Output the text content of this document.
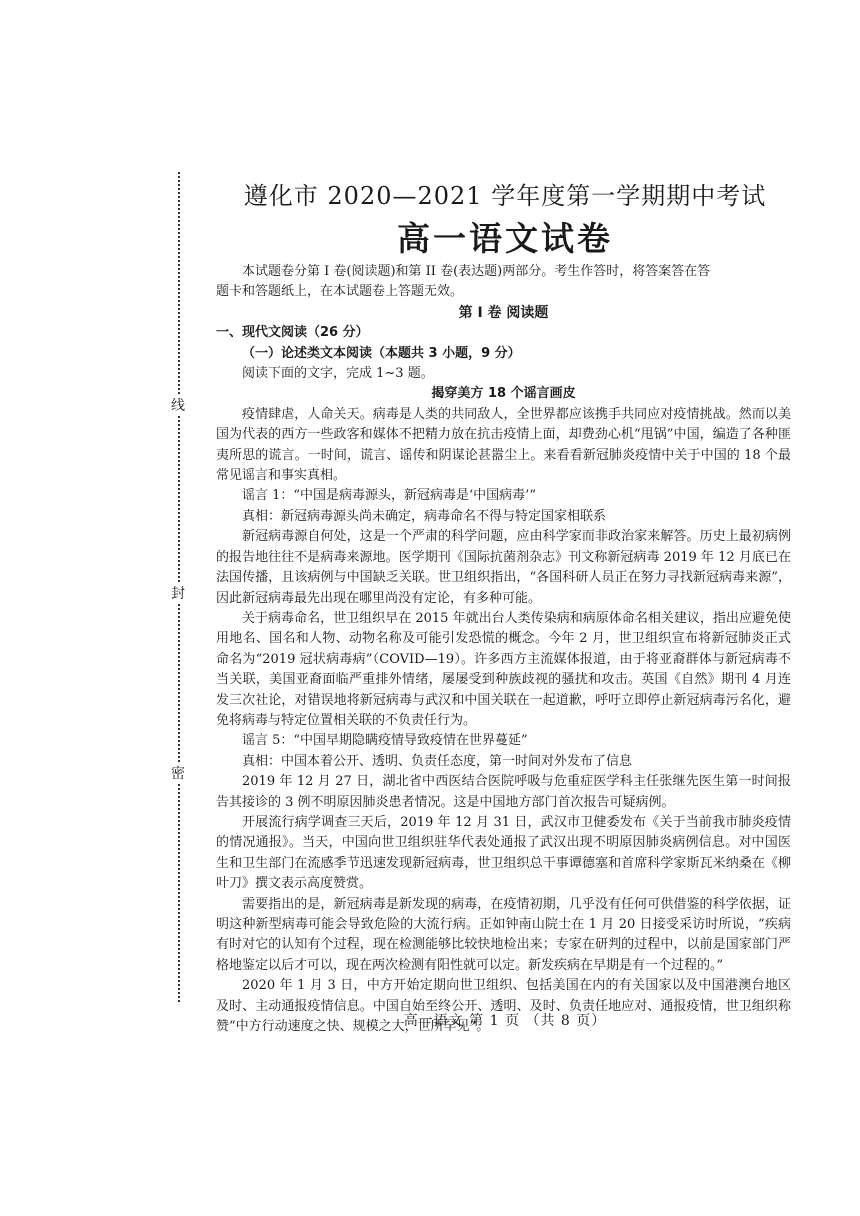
线
封
密
遵化市 2020—2021 学年度第一学期期中考试
高一语文试卷

本试题卷分第 I 卷(阅读题)和第 II 卷(表达题)两部分。考生作答时，将答案答在答

题卡和答题纸上，在本试题卷上答题无效。

第 I 卷 阅读题

一、现代文阅读（26 分）

（一）论述类文本阅读（本题共 3 小题，9 分）

阅读下面的文字，完成 1~3 题。

揭穿美方 18 个谣言画皮

疫情肆虐，人命关天。病毒是人类的共同敌人，全世界都应该携手共同应对疫情挑战。然而以美国为代表的西方一些政客和媒体不把精力放在抗击疫情上面，却费劲心机“甩锅”中国，编造了各种匪夷所思的谎言。一时间，谎言、谣传和阴谋论甚嚣尘上。来看看新冠肺炎疫情中关于中国的 18 个最常见谣言和事实真相。

谣言 1：“中国是病毒源头，新冠病毒是‘中国病毒’”

真相：新冠病毒源头尚未确定，病毒命名不得与特定国家相联系

新冠病毒源自何处，这是一个严肃的科学问题，应由科学家而非政治家来解答。历史上最初病例的报告地往往不是病毒来源地。医学期刊《国际抗菌剂杂志》刊文称新冠病毒 2019 年 12 月底已在法国传播，且该病例与中国缺乏关联。世卫组织指出，“各国科研人员正在努力寻找新冠病毒来源”，因此新冠病毒最先出现在哪里尚没有定论，有多种可能。

关于病毒命名，世卫组织早在 2015 年就出台人类传染病和病原体命名相关建议，指出应避免使用地名、国名和人物、动物名称及可能引发恐慌的概念。今年 2 月，世卫组织宣布将新冠肺炎正式命名为“2019 冠状病毒病”（COVID—19）。许多西方主流媒体报道，由于将亚裔群体与新冠病毒不当关联，美国亚裔面临严重排外情绪，屡屡受到种族歧视的骚扰和攻击。英国《自然》期刊 4 月连发三次社论，对错误地将新冠病毒与武汉和中国关联在一起道歉，呼吁立即停止新冠病毒污名化，避免将病毒与特定位置相关联的不负责任行为。

谣言 5：“中国早期隐瞒疫情导致疫情在世界蔓延”

真相：中国本着公开、透明、负责任态度，第一时间对外发布了信息

2019 年 12 月 27 日，湖北省中西医结合医院呼吸与危重症医学科主任张继先医生第一时间报告其接诊的 3 例不明原因肺炎患者情况。这是中国地方部门首次报告可疑病例。

开展流行病学调查三天后，2019 年 12 月 31 日，武汉市卫健委发布《关于当前我市肺炎疫情的情况通报》。当天，中国向世卫组织驻华代表处通报了武汉出现不明原因肺炎病例信息。对中国医生和卫生部门在流感季节迅速发现新冠病毒，世卫组织总干事谭德塞和首席科学家斯瓦米纳桑在《柳叶刀》撰文表示高度赞赏。

需要指出的是，新冠病毒是新发现的病毒，在疫情初期，几乎没有任何可供借鉴的科学依据，证明这种新型病毒可能会导致危险的大流行病。正如钟南山院士在 1 月 20 日接受采访时所说，“疾病有时对它的认知有个过程，现在检测能够比较快地检出来；专家在研判的过程中，以前是国家部门严格地鉴定以后才可以，现在两次检测有阳性就可以定。新发疾病在早期是有一个过程的。”

2020 年 1 月 3 日，中方开始定期向世卫组织、包括美国在内的有关国家以及中国港澳台地区及时、主动通报疫情信息。中国自始至终公开、透明、及时、负责任地应对、通报疫情，世卫组织称赞“中方行动速度之快、规模之大，世所罕见”。

高一语文 第 1 页 （共 8 页）
